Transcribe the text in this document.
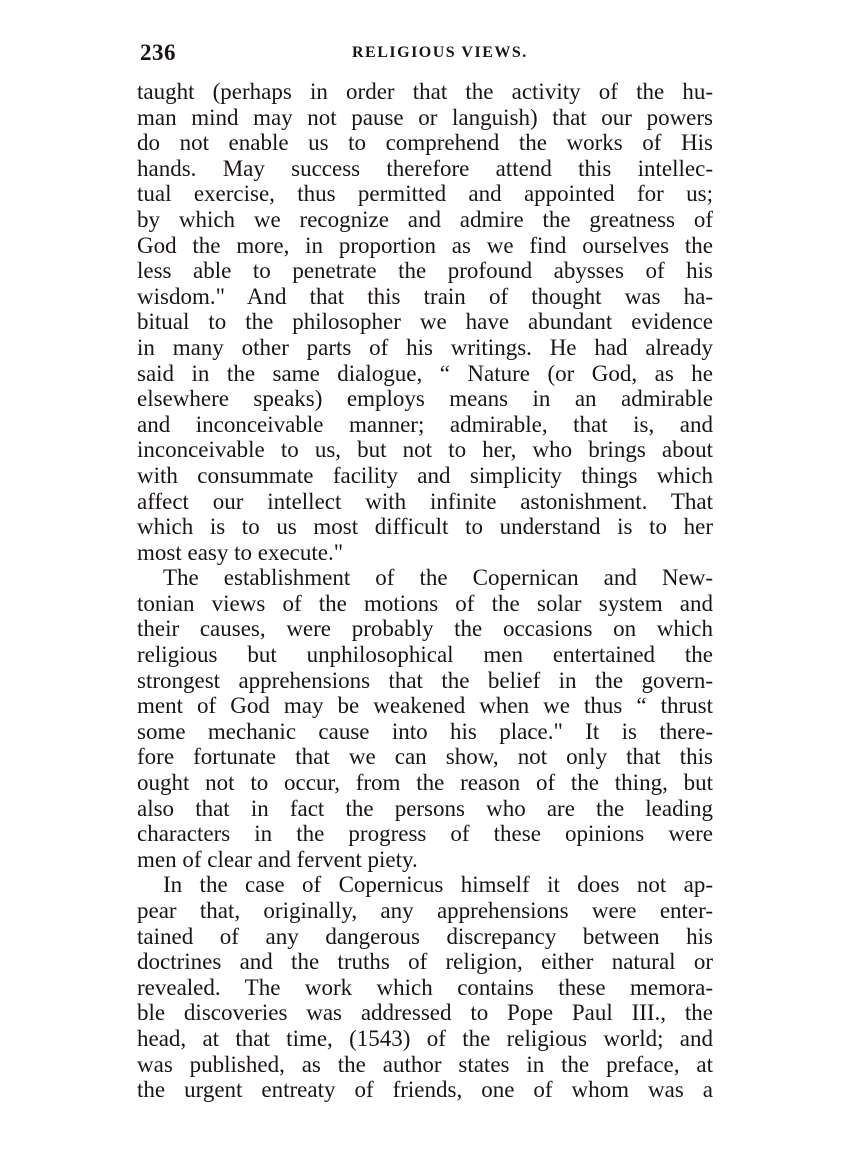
236	RELIGIOUS VIEWS.
taught (perhaps in order that the activity of the hu-
man mind may not pause or languish) that our powers
do not enable us to comprehend the works of His
hands. May success therefore attend this intellec-
tual exercise, thus permitted and appointed for us;
by which we recognize and admire the greatness of
God the more, in proportion as we find ourselves the
less able to penetrate the profound abysses of his
wisdom." And that this train of thought was ha-
bitual to the philosopher we have abundant evidence
in many other parts of his writings. He had already
said in the same dialogue, “ Nature (or God, as he
elsewhere speaks) employs means in an admirable
and inconceivable manner; admirable, that is, and
inconceivable to us, but not to her, who brings about
with consummate facility and simplicity things which
affect our intellect with infinite astonishment. That
which is to us most difficult to understand is to her
most easy to execute."
The establishment of the Copernican and New-
tonian views of the motions of the solar system and
their causes, were probably the occasions on which
religious but unphilosophical men entertained the
strongest apprehensions that the belief in the govern-
ment of God may be weakened when we thus “ thrust
some mechanic cause into his place." It is there-
fore fortunate that we can show, not only that this
ought not to occur, from the reason of the thing, but
also that in fact the persons who are the leading
characters in the progress of these opinions were
men of clear and fervent piety.
In the case of Copernicus himself it does not ap-
pear that, originally, any apprehensions were enter-
tained of any dangerous discrepancy between his
doctrines and the truths of religion, either natural or
revealed. The work which contains these memora-
ble discoveries was addressed to Pope Paul III., the
head, at that time, (1543) of the religious world; and
was published, as the author states in the preface, at
the urgent entreaty of friends, one of whom was a
